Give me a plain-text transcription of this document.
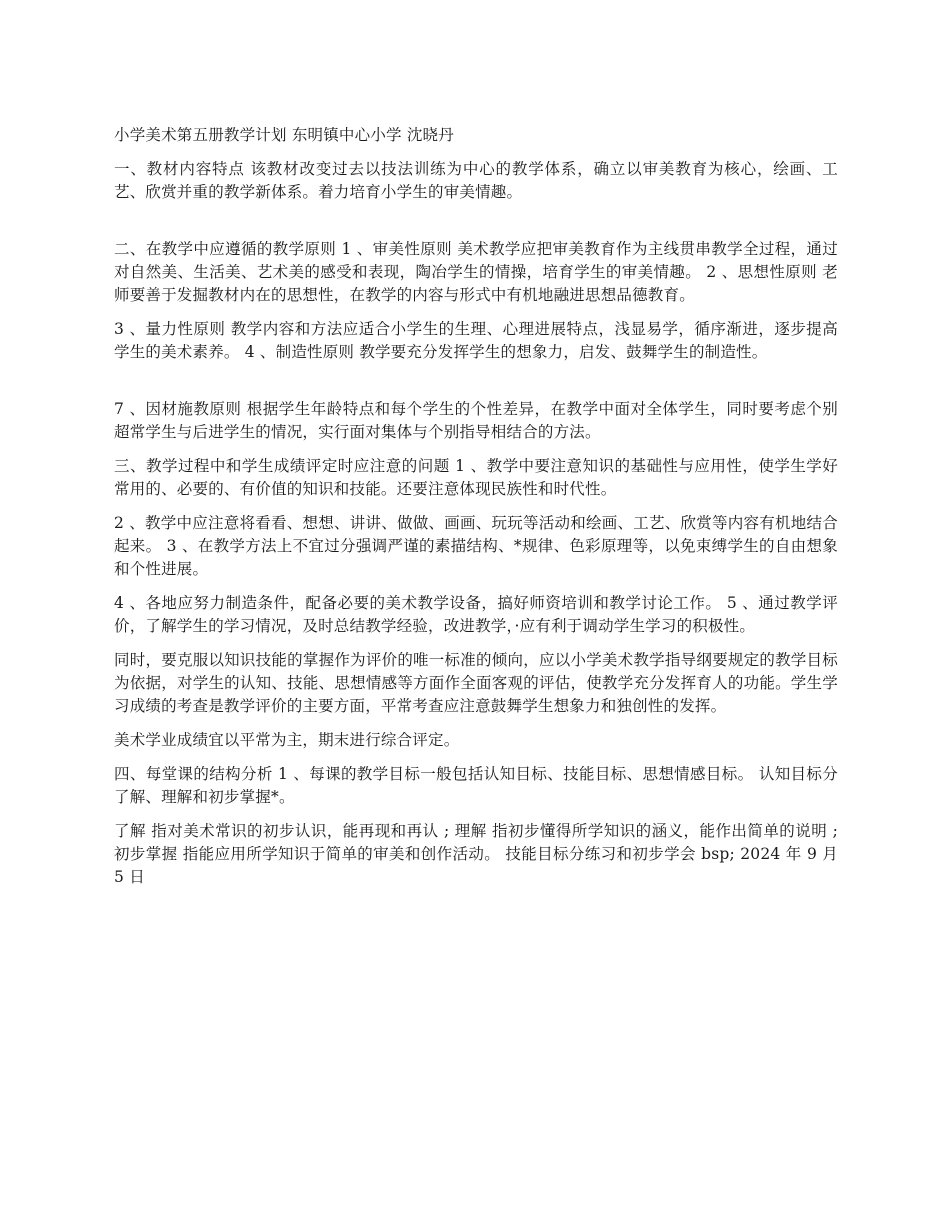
小学美术第五册教学计划 东明镇中心小学 沈晓丹

一、教材内容特点 该教材改变过去以技法训练为中心的教学体系，确立以审美教育为核心，绘画、工艺、欣赏并重的教学新体系。着力培育小学生的审美情趣。

二、在教学中应遵循的教学原则 1 、审美性原则 美术教学应把审美教育作为主线贯串教学全过程，通过对自然美、生活美、艺术美的感受和表现，陶冶学生的情操，培育学生的审美情趣。 2 、思想性原则 老师要善于发掘教材内在的思想性，在教学的内容与形式中有机地融进思想品德教育。

3 、量力性原则 教学内容和方法应适合小学生的生理、心理进展特点，浅显易学，循序渐进，逐步提高学生的美术素养。 4 、制造性原则 教学要充分发挥学生的想象力，启发、鼓舞学生的制造性。

7 、因材施教原则 根据学生年龄特点和每个学生的个性差异，在教学中面对全体学生，同时要考虑个别超常学生与后进学生的情况，实行面对集体与个别指导相结合的方法。

三、教学过程中和学生成绩评定时应注意的问题 1 、教学中要注意知识的基础性与应用性，使学生学好常用的、必要的、有价值的知识和技能。还要注意体现民族性和时代性。

2 、教学中应注意将看看、想想、讲讲、做做、画画、玩玩等活动和绘画、工艺、欣赏等内容有机地结合起来。 3 、在教学方法上不宜过分强调严谨的素描结构、*规律、色彩原理等，以免束缚学生的自由想象和个性进展。

4 、各地应努力制造条件，配备必要的美术教学设备，搞好师资培训和教学讨论工作。 5 、通过教学评价，了解学生的学习情况，及时总结教学经验，改进教学，·应有利于调动学生学习的积极性。

同时，要克服以知识技能的掌握作为评价的唯一标准的倾向，应以小学美术教学指导纲要规定的教学目标为依据，对学生的认知、技能、思想情感等方面作全面客观的评估，使教学充分发挥育人的功能。学生学习成绩的考查是教学评价的主要方面，平常考查应注意鼓舞学生想象力和独创性的发挥。

美术学业成绩宜以平常为主，期末进行综合评定。

四、每堂课的结构分析 1 、每课的教学目标一般包括认知目标、技能目标、思想情感目标。 认知目标分了解、理解和初步掌握*。

了解 指对美术常识的初步认识，能再现和再认 ; 理解 指初步懂得所学知识的涵义，能作出简单的说明 ; 初步掌握 指能应用所学知识于简单的审美和创作活动。 技能目标分练习和初步学会 bsp; 2024 年 9 月 5 日
